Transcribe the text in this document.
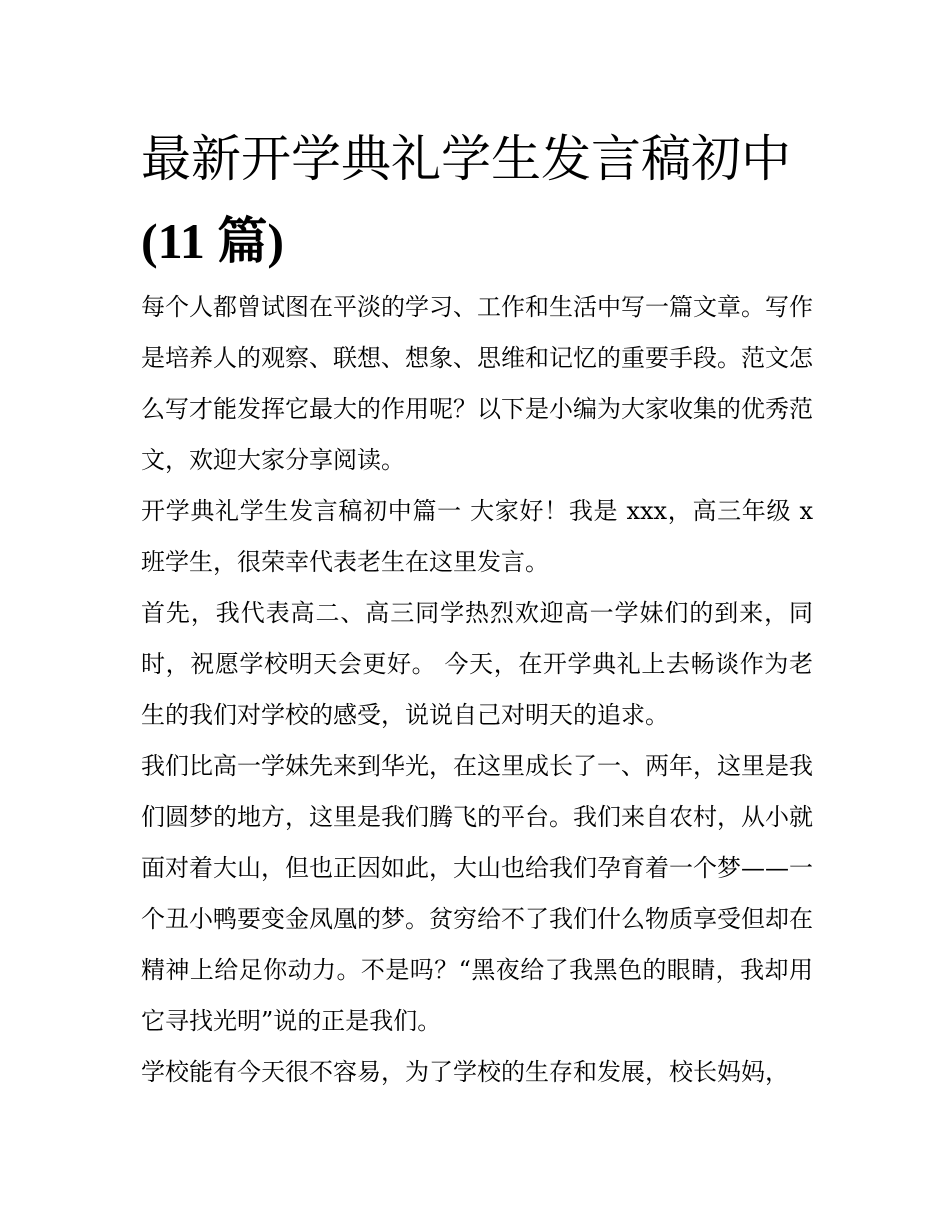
最新开学典礼学生发言稿初中
(11 篇)

每个人都曾试图在平淡的学习、工作和生活中写一篇文章。写作是培养人的观察、联想、想象、思维和记忆的重要手段。范文怎么写才能发挥它最大的作用呢？以下是小编为大家收集的优秀范文，欢迎大家分享阅读。

开学典礼学生发言稿初中篇一 大家好！我是 xxx，高三年级 x 班学生，很荣幸代表老生在这里发言。

首先，我代表高二、高三同学热烈欢迎高一学妹们的到来，同时，祝愿学校明天会更好。 今天，在开学典礼上去畅谈作为老生的我们对学校的感受，说说自己对明天的追求。

我们比高一学妹先来到华光，在这里成长了一、两年，这里是我们圆梦的地方，这里是我们腾飞的平台。我们来自农村，从小就面对着大山，但也正因如此，大山也给我们孕育着一个梦——一个丑小鸭要变金凤凰的梦。贫穷给不了我们什么物质享受但却在精神上给足你动力。不是吗？“黑夜给了我黑色的眼睛，我却用它寻找光明”说的正是我们。

学校能有今天很不容易，为了学校的生存和发展，校长妈妈，
